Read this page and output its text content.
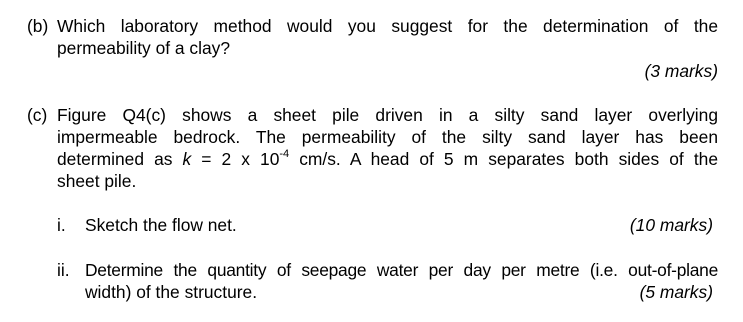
(b) Which laboratory method would you suggest for the determination of the
permeability of a clay?
(3 marks)
(c) Figure Q4(c) shows a sheet pile driven in a silty sand layer overlying
impermeable bedrock. The permeability of the silty sand layer has been
determined as k = 2 x $10^{-4}$ cm/s. A head of 5 m separates both sides of the
sheet pile.
i. Sketch the flow net.	(10 marks)
ii. Determine the quantity of seepage water per day per metre (i.e. out-of-plane
width) of the structure.	(5 marks)
